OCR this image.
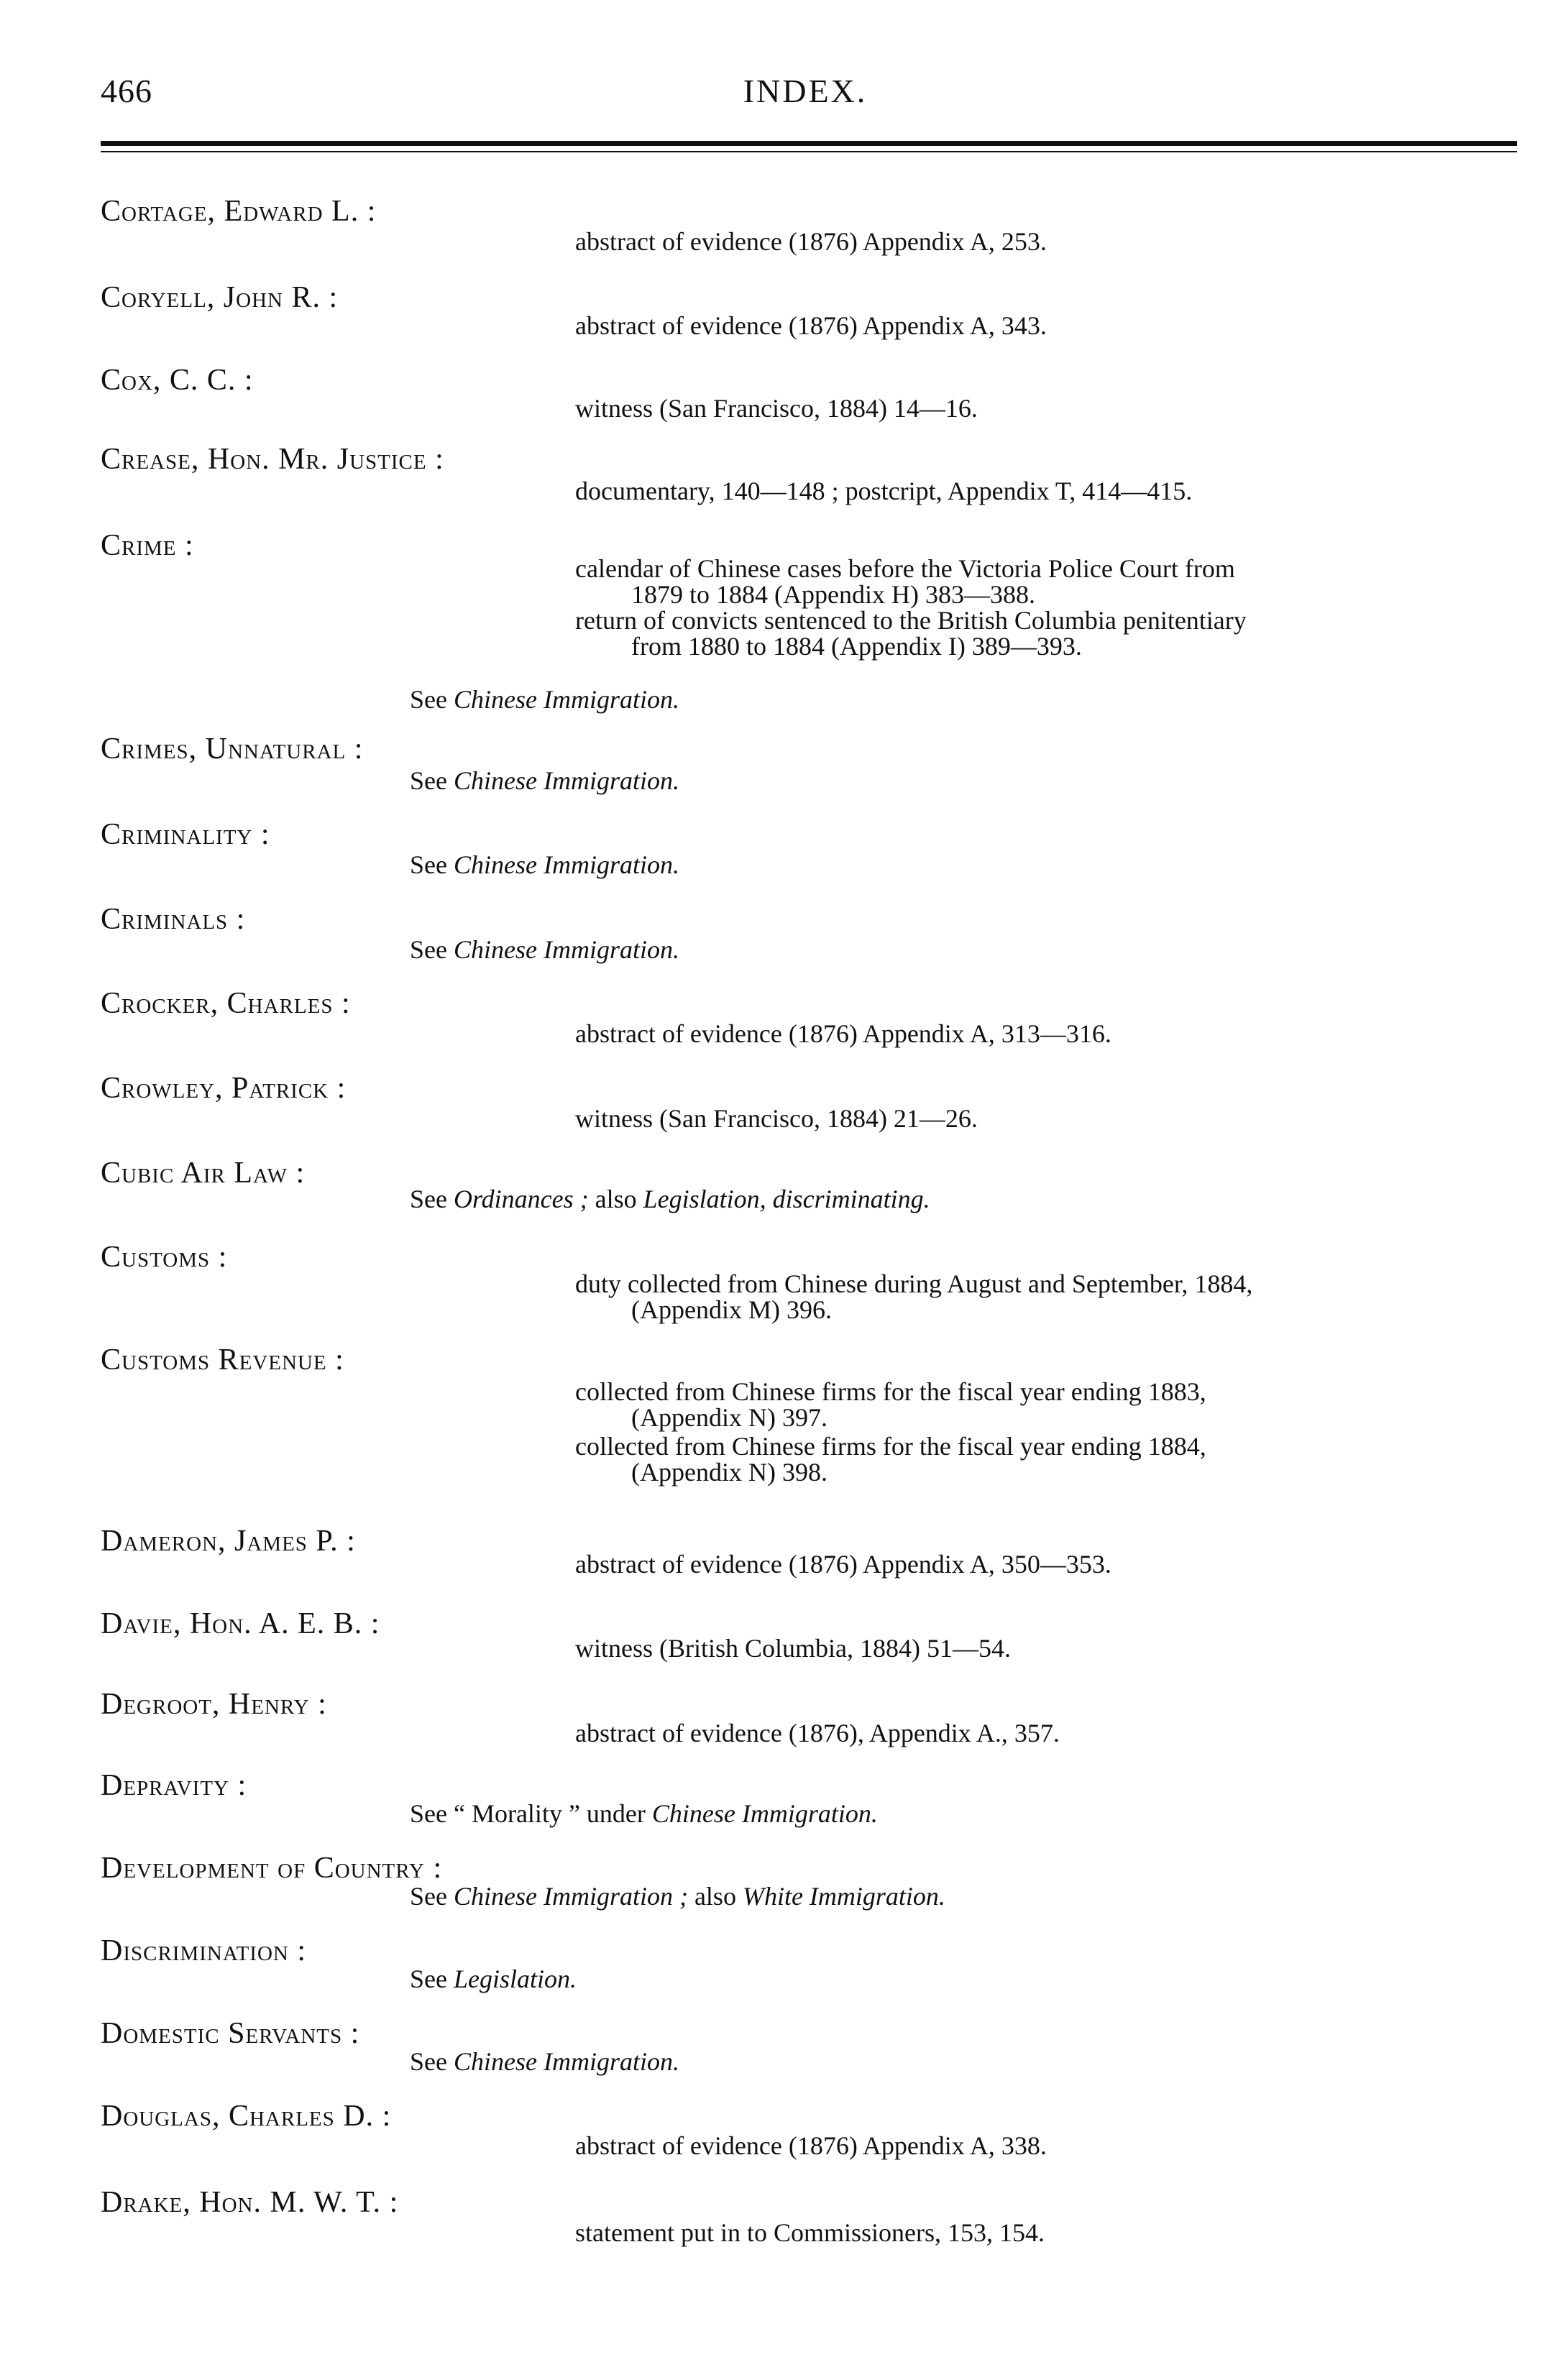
466	INDEX.
Cortage, Edward L. :
abstract of evidence (1876) Appendix A, 253.
Coryell, John R. :
abstract of evidence (1876) Appendix A, 343.
Cox, C. C. :
witness (San Francisco, 1884) 14—16.
Crease, Hon. Mr. Justice :
documentary, 140—148 ; postcript, Appendix T, 414—415.
Crime :
calendar of Chinese cases before the Victoria Police Court from
1879 to 1884 (Appendix H) 383—388.
return of convicts sentenced to the British Columbia penitentiary
from 1880 to 1884 (Appendix I) 389—393.
See Chinese Immigration.
Crimes, Unnatural :
See Chinese Immigration.
Criminality :
See Chinese Immigration.
Criminals :
See Chinese Immigration.
Crocker, Charles :
abstract of evidence (1876) Appendix A, 313—316.
Crowley, Patrick :
witness (San Francisco, 1884) 21—26.
Cubic Air Law :
See Ordinances ; also Legislation, discriminating.
Customs :
duty collected from Chinese during August and September, 1884,
(Appendix M) 396.
Customs Revenue :
collected from Chinese firms for the fiscal year ending 1883,
(Appendix N) 397.
collected from Chinese firms for the fiscal year ending 1884,
(Appendix N) 398.
Dameron, James P. :
abstract of evidence (1876) Appendix A, 350—353.
Davie, Hon. A. E. B. :
witness (British Columbia, 1884) 51—54.
Degroot, Henry :
abstract of evidence (1876), Appendix A., 357.
Depravity :
See “ Morality ” under Chinese Immigration.
Development of Country :
See Chinese Immigration ; also White Immigration.
Discrimination :
See Legislation.
Domestic Servants :
See Chinese Immigration.
Douglas, Charles D. :
abstract of evidence (1876) Appendix A, 338.
Drake, Hon. M. W. T. :
statement put in to Commissioners, 153, 154.
